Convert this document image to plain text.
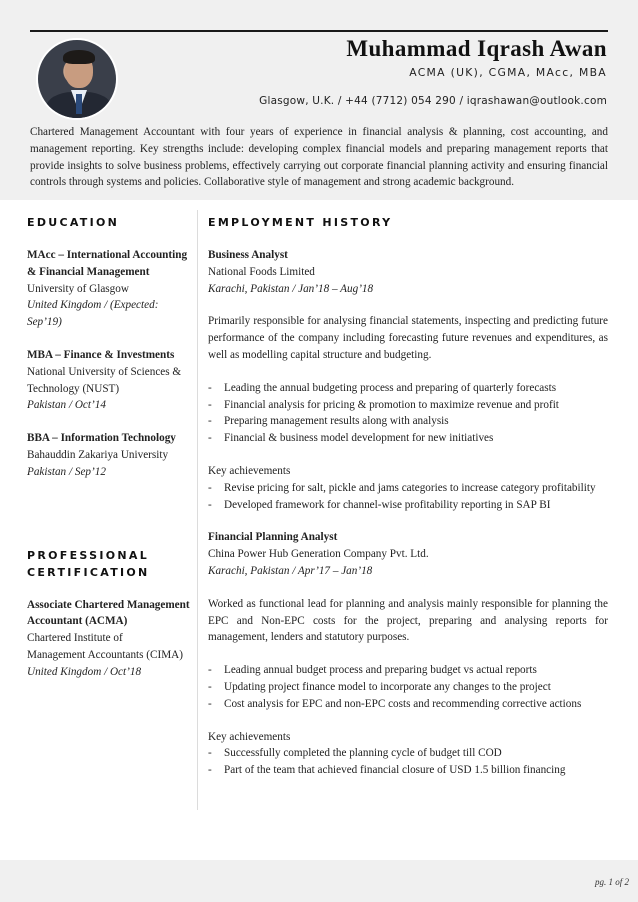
Muhammad Iqrash Awan
ACMA (UK), CGMA, MAcc, MBA
Glasgow, U.K. / +44 (7712) 054 290 / iqrashawan@outlook.com
Chartered Management Accountant with four years of experience in financial analysis & planning, cost accounting, and management reporting. Key strengths include: developing complex financial models and preparing management reports that provide insights to solve business problems, effectively carrying out corporate financial planning activity and ensuring financial controls through systems and policies. Collaborative style of management and strong academic background.
EDUCATION
MAcc – International Accounting
& Financial Management
University of Glasgow
United Kingdom / (Expected: Sep’19)
MBA – Finance & Investments
National University of Sciences &
Technology (NUST)
Pakistan / Oct’14
BBA – Information Technology
Bahauddin Zakariya University
Pakistan / Sep’12
PROFESSIONAL
CERTIFICATION
Associate Chartered Management
Accountant (ACMA)
Chartered Institute of
Management Accountants (CIMA)
United Kingdom / Oct’18
EMPLOYMENT HISTORY
Business Analyst
National Foods Limited
Karachi, Pakistan / Jan’18 – Aug’18
Primarily responsible for analysing financial statements, inspecting and predicting future performance of the company including forecasting future revenues and expenditures, as well as modelling capital structure and budgeting.
-	Leading the annual budgeting process and preparing of quarterly forecasts
-	Financial analysis for pricing & promotion to maximize revenue and profit
-	Preparing management results along with analysis
-	Financial & business model development for new initiatives
Key achievements
-	Revise pricing for salt, pickle and jams categories to increase category profitability
-	Developed framework for channel-wise profitability reporting in SAP BI
Financial Planning Analyst
China Power Hub Generation Company Pvt. Ltd.
Karachi, Pakistan / Apr’17 – Jan’18
Worked as functional lead for planning and analysis mainly responsible for planning the EPC and Non-EPC costs for the project, preparing and analysing reports for management, lenders and statutory purposes.
-	Leading annual budget process and preparing budget vs actual reports
-	Updating project finance model to incorporate any changes to the project
-	Cost analysis for EPC and non-EPC costs and recommending corrective actions
Key achievements
-	Successfully completed the planning cycle of budget till COD
-	Part of the team that achieved financial closure of USD 1.5 billion financing
pg. 1 of 2
